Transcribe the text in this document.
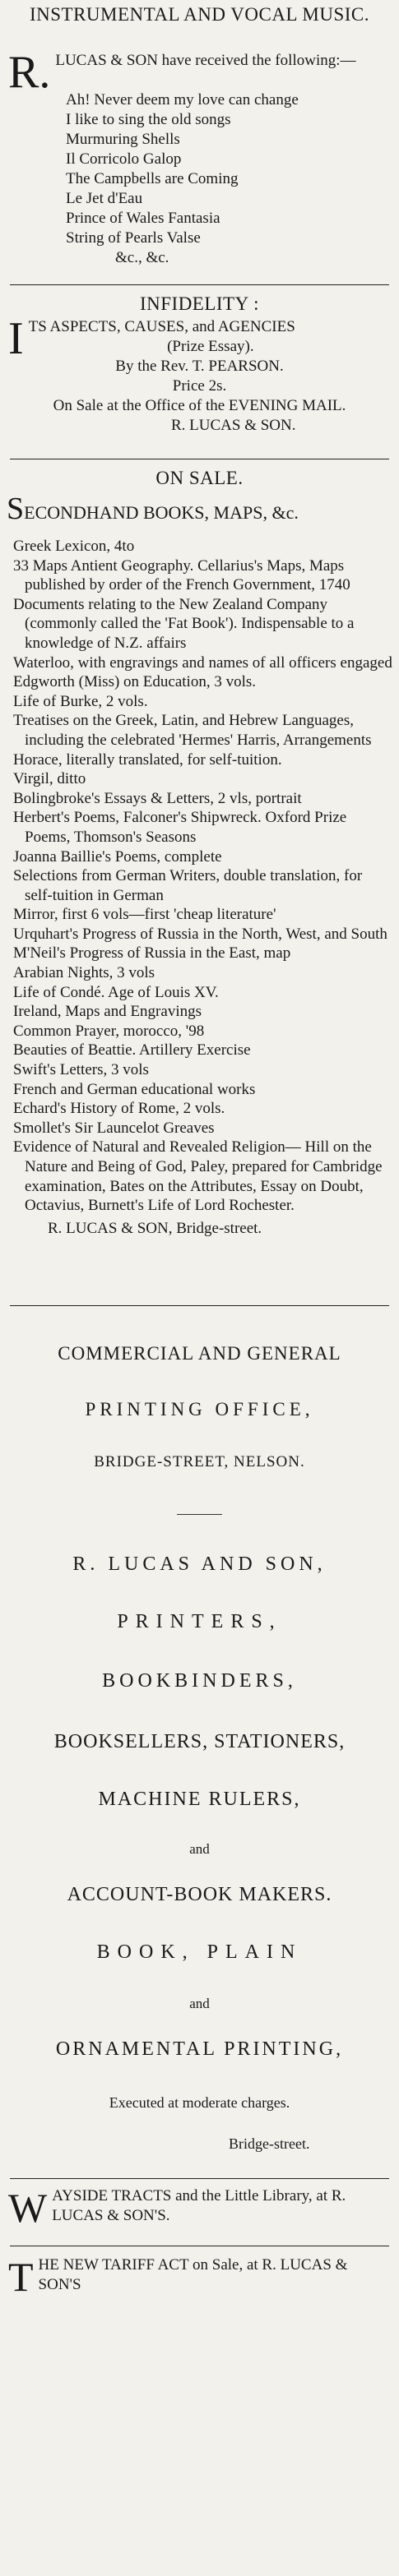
INSTRUMENTAL AND VOCAL MUSIC.
R. LUCAS & SON have received the following:—
Ah! Never deem my love can change
I like to sing the old songs
Murmuring Shells
Il Corricolo Galop
The Campbells are Coming
Le Jet d'Eau
Prince of Wales Fantasia
String of Pearls Valse
&c., &c.
INFIDELITY :
I TS ASPECTS, CAUSES, and AGENCIES
(Prize Essay).
By the Rev. T. PEARSON.
Price 2s.
On Sale at the Office of the EVENING MAIL.
R. LUCAS & SON.
ON SALE.
SECONDHAND BOOKS, MAPS, &c.

Greek Lexicon, 4to

33 Maps Antient Geography. Cellarius's Maps, Maps published by order of the French Government, 1740

Documents relating to the New Zealand Company (commonly called the 'Fat Book'). Indispensable to a knowledge of N.Z. affairs

Waterloo, with engravings and names of all officers engaged

Edgworth (Miss) on Education, 3 vols.

Life of Burke, 2 vols.

Treatises on the Greek, Latin, and Hebrew Languages, including the celebrated 'Hermes' Harris, Arrangements

Horace, literally translated, for self-tuition.

Virgil, ditto

Bolingbroke's Essays & Letters, 2 vls, portrait

Herbert's Poems, Falconer's Shipwreck. Oxford Prize Poems, Thomson's Seasons

Joanna Baillie's Poems, complete

Selections from German Writers, double translation, for self-tuition in German

Mirror, first 6 vols—first 'cheap literature'

Urquhart's Progress of Russia in the North, West, and South

M'Neil's Progress of Russia in the East, map

Arabian Nights, 3 vols

Life of Condé. Age of Louis XV.

Ireland, Maps and Engravings

Common Prayer, morocco, '98

Beauties of Beattie. Artillery Exercise

Swift's Letters, 3 vols

French and German educational works

Echard's History of Rome, 2 vols.

Smollet's Sir Launcelot Greaves

Evidence of Natural and Revealed Religion— Hill on the Nature and Being of God, Paley, prepared for Cambridge examination, Bates on the Attributes, Essay on Doubt, Octavius, Burnett's Life of Lord Rochester.

R. LUCAS & SON, Bridge-street.
COMMERCIAL AND GENERAL
PRINTING OFFICE,
BRIDGE-STREET, NELSON.
R. LUCAS AND SON,
PRINTERS,
BOOKBINDERS,
BOOKSELLERS, STATIONERS,
MACHINE RULERS,
and
ACCOUNT-BOOK MAKERS.
BOOK, PLAIN
and
ORNAMENTAL PRINTING,
Executed at moderate charges.
Bridge-street.
W AYSIDE TRACTS and the Little Library, at R. LUCAS & SON'S.
T HE NEW TARIFF ACT on Sale, at R. LUCAS & SON'S
